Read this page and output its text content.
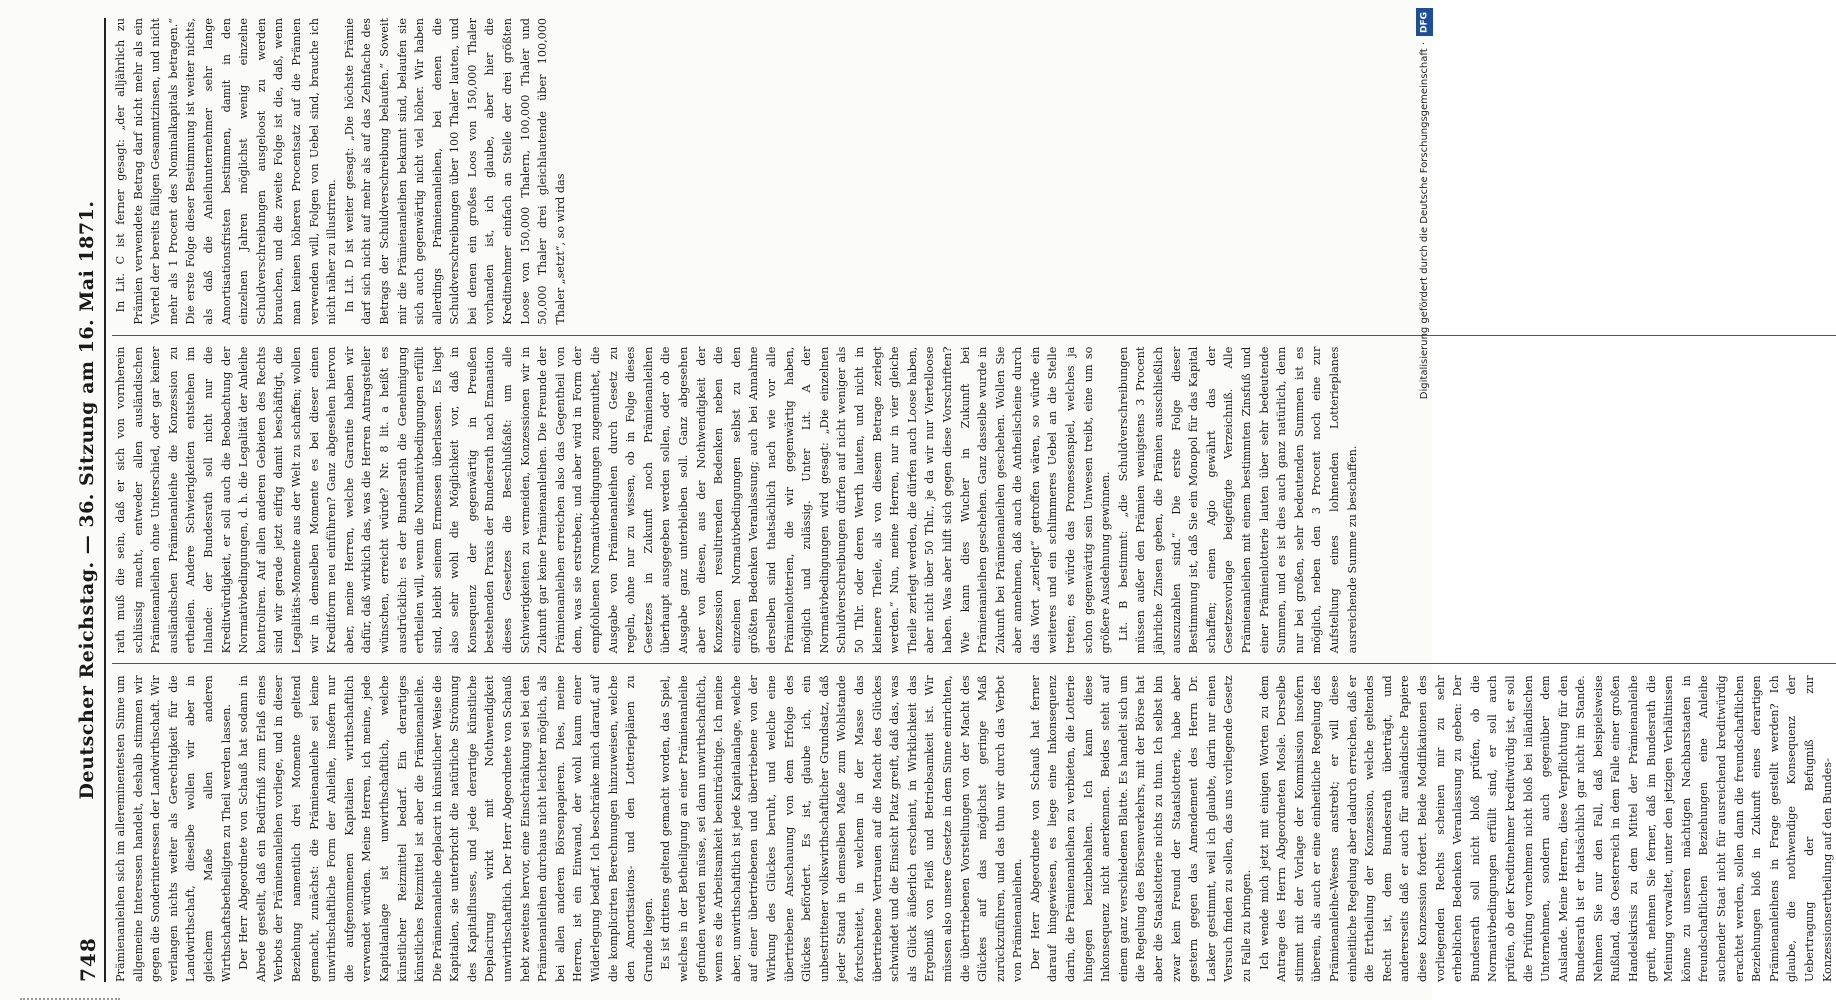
748
Deutscher Reichstag. — 36. Sitzung am 16. Mai 1871.

Prämienanleihen sich im allereminentesten Sinne um allgemeine Interessen handelt, deshalb stimmen wir gegen die Sonderinteressen der Landwirthschaft. Wir verlangen nichts weiter als Gerechtigkeit für die Landwirthschaft, dieselbe wollen wir aber in gleichem Maße allen anderen Wirthschaftsbetheiligten zu Theil werden lassen. Der Herr Abgeordnete von Schauß hat sodann in Abrede gestellt, daß ein Bedürfniß zum Erlaß eines Verbots der Prämienanleihen vorliege, und in dieser Beziehung namentlich drei Momente geltend gemacht, zunächst: die Prämienanleihe sei keine unwirthschaftliche Form der Anleihe, insofern nur die aufgenommenen Kapitalien wirthschaftlich verwendet würden. Meine Herren, ich meine, jede Kapitalanlage ist unwirthschaftlich, welche künstlicher Reizmittel bedarf. Ein derartiges künstliches Reizmittel ist aber die Prämienanleihe. Die Prämienanleihe deplacirt in künstlicher Weise die Kapitalien, sie unterbricht die natürliche Strömung des Kapitalflusses, und jede derartige künstliche Deplacirung wirkt mit Nothwendigkeit unwirthschaftlich. Der Herr Abgeordnete von Schauß hebt zweitens hervor, eine Einschränkung sei bei den Prämienanleihen durchaus nicht leichter möglich, als bei allen anderen Börsenpapieren. Dies, meine Herren, ist ein Einwand, der wohl kaum einer Widerlegung bedarf. Ich beschränke mich darauf, auf die komplicirten Berechnungen hinzuweisen, welche den Amortisations- und den Lotterieplänen zu Grunde liegen. Es ist drittens geltend gemacht worden, das Spiel, welches in der Betheiligung an einer Prämienanleihe gefunden werden müsse, sei dann unwirthschaftlich, wenn es die Arbeitsamkeit beeinträchtige. Ich meine aber, unwirthschaftlich ist jede Kapitalanlage, welche auf einer übertriebenen und übertriebene von der Wirkung des Glückes beruht, und welche eine übertriebene Anschauung von dem Erfolge des Glückes befördert. Es ist, glaube ich, ein unbestrittener volkswirthschaftlicher Grundsatz, daß jeder Stand in demselben Maße zum Wohlstande fortschreitet, in welchem in der Masse das übertriebene Vertrauen auf die Macht des Glückes schwindet und die Einsicht Platz greift, daß das, was als Glück äußerlich erscheint, in Wirklichkeit das Ergebniß von Fleiß und Betriebsamkeit ist. Wir müssen also unsere Gesetze in dem Sinne einrichten, die übertriebenen Vorstellungen von der Macht des Glückes auf das möglichst geringe Maß zurückzuführen, und das thun wir durch das Verbot von Prämienanleihen. Der Herr Abgeordnete von Schauß hat ferner darauf hingewiesen, es liege eine Inkonsequenz darin, die Prämienanleihen zu verbieten, die Lotterie hingegen beizubehalten. Ich kann diese Inkonsequenz nicht anerkennen. Beides steht auf einem ganz verschiedenen Blatte. Es handelt sich um die Regelung des Börsenverkehrs, mit der Börse hat aber die Staatslotterie nichts zu thun. Ich selbst bin zwar kein Freund der Staatslotterie, habe aber gestern gegen das Amendement des Herrn Dr. Lasker gestimmt, weil ich glaubte, darin nur einen Versuch finden zu sollen, das uns vorliegende Gesetz zu Falle zu bringen. Ich wende mich jetzt mit einigen Worten zu dem Antrage des Herrn Abgeordneten Mosle. Derselbe stimmt mit der Vorlage der Kommission insofern überein, als auch er eine einheitliche Regelung des Prämienanleihe-Wesens anstrebt; er will diese einheitliche Regelung aber dadurch erreichen, daß er die Ertheilung der Konzession, welche geltendes Recht ist, dem Bundesrath überträgt, und andererseits daß er auch für ausländische Papiere diese Konzession fordert. Beide Modifikationen des vorliegenden Rechts scheinen mir zu sehr erheblichen Bedenken Veranlassung zu geben: Der Bundesrath soll nicht bloß prüfen, ob die Normativbedingungen erfüllt sind, er soll auch prüfen, ob der Kreditnehmer kreditwürdig ist, er soll die Prüfung vornehmen nicht bloß bei inländischen Unternehmen, sondern auch gegenüber dem Auslande. Meine Herren, diese Verpflichtung für den Bundesrath ist er thatsächlich gar nicht im Stande. Nehmen Sie nur den Fall, daß beispielsweise Rußland, das Oesterreich in dem Falle einer großen Handelskrisis zu dem Mittel der Prämienanleihe greift, nehmen Sie ferner, daß im Bundesrath die Meinung vorwaltet, unter den jetzigen Verhältnissen könne zu unseren mächtigen Nachbarstaaten in freundschaftlichen Beziehungen eine Anleihe suchender Staat nicht für ausreichend kreditwürdig erachtet werden, sollen dann die freundschaftlichen Beziehungen bloß in Zukunft eines derartigen Prämienanleihens in Frage gestellt werden? Ich glaube, die nothwendige Konsequenz der Uebertragung der Befugniß zur Konzessionsertheilung auf den Bundes-

rath muß die sein, daß er sich von vornherein schlüssig macht, entweder allen ausländischen Prämienanleihen ohne Unterschied, oder gar keiner ausländischen Prämienanleihe die Konzession zu ertheilen. Andere Schwierigkeiten entstehen im Inlande: der Bundesrath soll nicht nur die Kreditwürdigkeit, er soll auch die Beobachtung der Normativbedingungen, d. h. die Legalität der Anleihe kontroliren. Auf allen anderen Gebieten des Rechts sind wir gerade jetzt eifrig damit beschäftigt, die Legalitäts-Momente aus der Welt zu schaffen; wollen wir in demselben Momente es bei dieser einen Kreditform neu einführen? Ganz abgesehen hiervon aber, meine Herren, welche Garantie haben wir dafür, daß wirklich das, was die Herren Antragsteller wünschen, erreicht würde? Nr. 8 lit. a heißt es ausdrücklich: es der Bundesrath die Genehmigung ertheilen will, wenn die Normativbedingungen erfüllt sind, bleibt seinem Ermessen überlassen. Es liegt also sehr wohl die Möglichkeit vor, daß in Konsequenz der gegenwärtig in Preußen bestehenden Praxis der Bundesrath nach Emanation dieses Gesetzes die Beschlußfaßt: um alle Schwierigkeiten zu vermeiden, Konzessionen wir in Zukunft gar keine Prämienanleihen. Die Freunde der Prämienanleihen erreichen also das Gegentheil von dem, was sie erstreben; und aber wird in Form der empfohlenen Normativbedingungen zugemuthet, die Ausgabe von Prämienanleihen durch Gesetz zu regeln, ohne nur zu wissen, ob in Folge dieses Gesetzes in Zukunft noch Prämienanleihen überhaupt ausgegeben werden sollen, oder ob die Ausgabe ganz unterbleiben soll. Ganz abgesehen aber von diesen, aus der Nothwendigkeit der Konzession resultirenden Bedenken neben die einzelnen Normativbedingungen selbst zu den größten Bedenken Veranlassung; auch bei Annahme derselben sind thatsächlich nach wie vor alle Prämienlotterien, die wir gegenwärtig haben, möglich und zulässig. Unter Lit. A der Normativbedingungen wird gesagt: „Die einzelnen Schuldverschreibungen dürfen auf nicht weniger als 50 Thlr. oder deren Werth lauten, und nicht in kleinere Theile, als von diesem Betrage zerlegt werden.“ Nun, meine Herren, nur in vier gleiche Theile zerlegt werden, die dürfen auch Loose haben, aber nicht über 50 Thlr., je da wir nur Viertelloose haben. Was aber hilft sich gegen diese Vorschriften? Wie kann dies Wucher in Zukunft bei Prämienanleihen geschehen. Ganz dasselbe wurde in Zukunft bei Prämienanleihen geschehen. Wollen Sie aber annehmen, daß auch die Antheilscheine durch das Wort „zerlegt“ getroffen wären, so würde ein weiteres und ein schlimmeres Uebel an die Stelle treten; es würde das Promessenspiel, welches ja schon gegenwärtig sein Unwesen treibt, eine um so größere Ausdehnung gewinnen. Lit. B bestimmt: „die Schuldverschreibungen müssen außer den Prämien wenigstens 3 Procent jährliche Zinsen geben, die Prämien ausschließlich auszuzahlen sind.“ Die erste Folge dieser Bestimmung ist, daß Sie ein Monopol für das Kapital schaffen; einen Agio gewährt das der Gesetzesvorlage beigefügte Verzeichniß. Alle Prämienanleihen mit einem bestimmten Zinsfuß und einer Prämienlotterie lauten über sehr bedeutende Summen, und es ist dies auch ganz natürlich, denn nur bei großen, sehr bedeutenden Summen ist es möglich, neben den 3 Procent noch eine zur Aufstellung eines lohnenden Lotterieplanes ausreichende Summe zu beschaffen.

In Lit. C ist ferner gesagt: „der alljährlich zu Prämien verwendete Betrag darf nicht mehr als ein Viertel der bereits fälligen Gesammtzinsen, und nicht mehr als 1 Procent des Nominalkapitals betragen.“ Die erste Folge dieser Bestimmung ist weiter nichts, als daß die Anleihunternehmer sehr lange Amortisationsfristen bestimmen, damit in den einzelnen Jahren möglichst wenig einzelne Schuldverschreibungen ausgeloost zu werden brauchen, und die zweite Folge ist die, daß, wenn man keinen höheren Procentsatz auf die Prämien verwenden will, Folgen von Uebel sind, brauche ich nicht näher zu illustriren. In Lit. D ist weiter gesagt: „Die höchste Prämie darf sich nicht auf mehr als auf das Zehnfache des Betrags der Schuldverschreibung belaufen.“ Soweit mir die Prämienanleihen bekannt sind, belaufen sie sich auch gegenwärtig nicht viel höher. Wir haben allerdings Prämienanleihen, bei denen die Schuldverschreibungen über 100 Thaler lauten, und bei denen ein großes Loos von 150,000 Thaler vorhanden ist, ich glaube, aber hier die Kreditnehmer einfach an Stelle der drei größten Loose von 150,000 Thalern, 100,000 Thaler und 50,000 Thaler drei gleichlautende über 100,000 Thaler „setzt“, so wird das

DFG
Digitalisierung gefördert durch die Deutsche Forschungsgemeinschaft ·
